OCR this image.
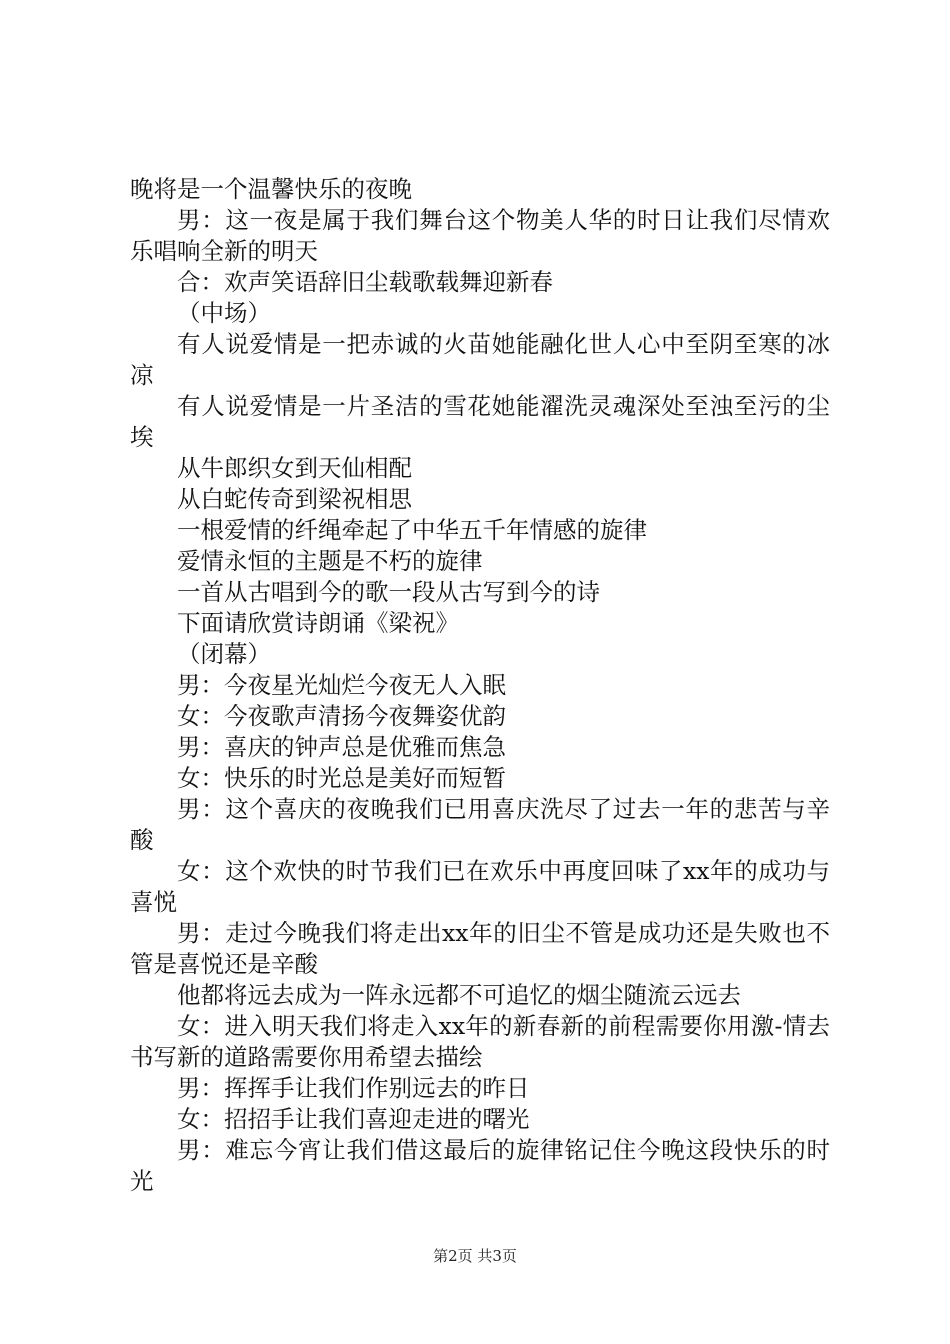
晚将是一个温馨快乐的夜晚

男：这一夜是属于我们舞台这个物美人华的时日让我们尽情欢乐唱响全新的明天

合：欢声笑语辞旧尘载歌载舞迎新春

（中场）

有人说爱情是一把赤诚的火苗她能融化世人心中至阴至寒的冰凉

有人说爱情是一片圣洁的雪花她能濯洗灵魂深处至浊至污的尘埃

从牛郎织女到天仙相配

从白蛇传奇到梁祝相思

一根爱情的纤绳牵起了中华五千年情感的旋律

爱情永恒的主题是不朽的旋律

一首从古唱到今的歌一段从古写到今的诗

下面请欣赏诗朗诵《梁祝》

（闭幕）

男：今夜星光灿烂今夜无人入眠

女：今夜歌声清扬今夜舞姿优韵

男：喜庆的钟声总是优雅而焦急

女：快乐的时光总是美好而短暂

男：这个喜庆的夜晚我们已用喜庆洗尽了过去一年的悲苦与辛酸

女：这个欢快的时节我们已在欢乐中再度回味了xx年的成功与喜悦

男：走过今晚我们将走出xx年的旧尘不管是成功还是失败也不管是喜悦还是辛酸

他都将远去成为一阵永远都不可追忆的烟尘随流云远去

女：进入明天我们将走入xx年的新春新的前程需要你用激-情去书写新的道路需要你用希望去描绘

男：挥挥手让我们作别远去的昨日

女：招招手让我们喜迎走进的曙光

男：难忘今宵让我们借这最后的旋律铭记住今晚这段快乐的时光

第2页 共3页
